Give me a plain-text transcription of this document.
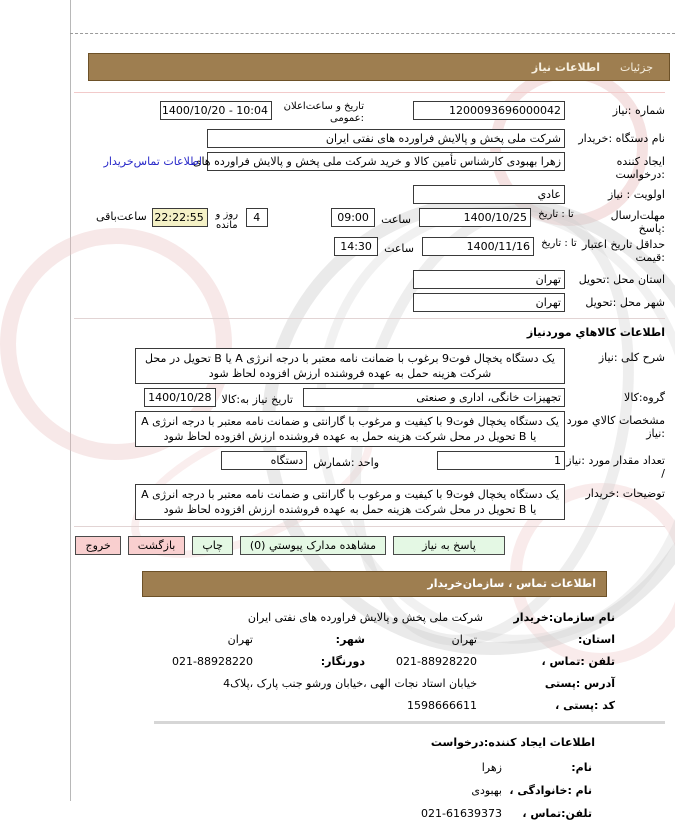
جزئیات
اطلاعات نیاز
شماره :نیاز
1200093696000042
تاریخ و ساعت‌اعلان :عمومی
10:04 - 1400/10/20
نام دستگاه :خریدار
شرکت ملی پخش و پالایش فراورده های نفتی ایران
ایجاد کننده :درخواست
زهرا بهبودی کارشناس تأمین کالا و خرید شرکت ملی پخش و پالایش فراورده های
اطلاعات تماس‌خریدار
اولویت : نیاز
عادي
مهلت‌ارسال :پاسخ
تا : تاریخ
1400/10/25
ساعت
09:00
4
روز و مانده
22:22:55
ساعت‌باقی
حداقل تاریخ اعتبار :قیمت
تا : تاریخ
1400/11/16
ساعت
14:30
استان محل :تحویل
تهران
شهر محل :تحویل
تهران
اطلاعات کالاهاي موردنیاز
شرح کلی :نیاز
یک دستگاه یخچال فوت9 برغوب با ضمانت نامه معتبر با درجه انرژی A یا B تحویل در محل شرکت هزینه حمل به عهده فروشنده ارزش افزوده لحاظ شود
گروه:کالا
تجهیزات خانگی، اداری و صنعتی
تاریخ نیاز به:کالا
1400/10/28
مشخصات کالاي مورد :نیاز
یک دستگاه یخچال فوت9 با کیفیت و مرغوب با گارانتی و ضمانت نامه معتبر با درجه انرژی A یا B تحویل در محل شرکت هزینه حمل به عهده فروشنده ارزش افزوده لحاظ شود
تعداد مقدار مورد :نیاز /
1
واحد :شمارش
دستگاه
توضیحات :خریدار
یک دستگاه یخچال فوت9 با کیفیت و مرغوب با گارانتی و ضمانت نامه معتبر با درجه انرژی A یا B تحویل در محل شرکت هزینه حمل به عهده فروشنده ارزش افزوده لحاظ شود
پاسخ به نیاز
مشاهده مدارک پیوستي (0)
چاپ
بازگشت
خروج
اطلاعات تماس ، سازمان‌خریدار
نام سازمان:خریدار
شرکت ملی پخش و پالایش فراورده های نفتی ایران
استان:
تهران
شهر:
تهران
تلفن :تماس ،
021-88928220
دورنگار:
021-88928220
آدرس :پستی
خیابان استاد نجات الهی ،خیابان ورشو جنب پارک ،پلاک4
کد :پستی ،
1598666611
اطلاعات ایجاد کننده:درخواست
نام:
زهرا
نام :خانوادگی ،
بهبودی
تلفن:تماس ،
021-61639373
